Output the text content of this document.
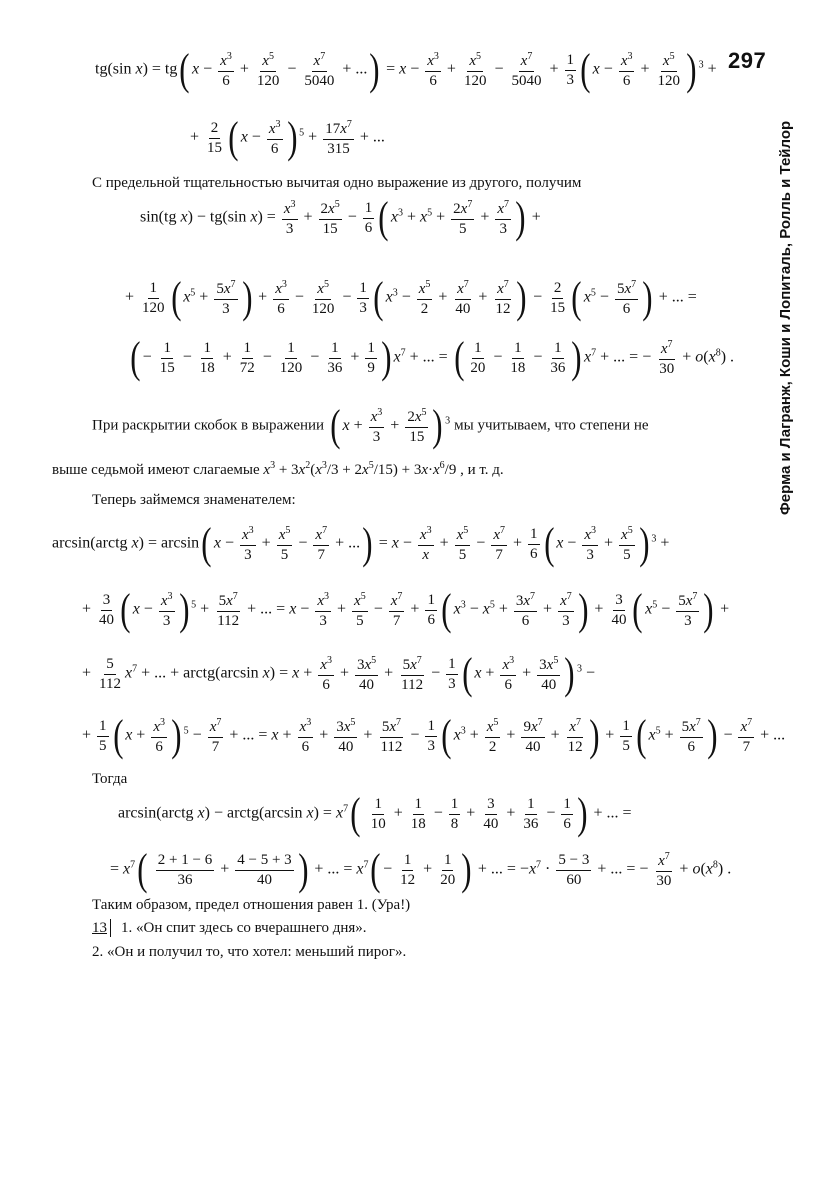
297
Ферма и Лагранж, Коши и Лопиталь, Ролль и Тейлор
tg(sin x) = tg( $x - \frac{x^3}{6} + \frac{x^5}{120} - \frac{x^7}{5040}$ + ...) = $x - \frac{x^3}{6} + \frac{x^5}{120} - \frac{x^7}{5040} + \frac{1}{3}$ ( $x - \frac{x^3}{6} + \frac{x^5}{120}$ ) $^3$ +
+ $\frac{2}{15}$ ( $x - \frac{x^3}{6}$ ) $^5 + \frac{17x^7}{315}$ + ...
С предельной тщательностью вычитая одно выражение из другого, получим
sin(tg x) − tg(sin $x) = \frac{x^3}{3} + \frac{2x^5}{15} - \frac{1}{6}$ ( $x^3 + x^5 + \frac{2x^7}{5} + \frac{x^7}{3}$ ) +
+ $\frac{1}{120}$ ( $x^5 + \frac{5x^7}{3}$ ) + $\frac{x^3}{6} - \frac{x^5}{120} - \frac{1}{3}$ ( $x^3 - \frac{x^5}{2} + \frac{x^7}{40} + \frac{x^7}{12}$ ) − $\frac{2}{15}$ ( $x^5 - \frac{5x^7}{6}$ ) + ... =
( − $\frac{1}{15} - \frac{1}{18} + \frac{1}{72} - \frac{1}{120} - \frac{1}{36} + \frac{1}{9}$ ) $x^7$ + ... = ( $\frac{1}{20} - \frac{1}{18} - \frac{1}{36}$ ) $x^7$ + ... = − $\frac{x^7}{30} + o(x^8)$ .
При раскрытии скобок в выражении ( $x + \frac{x^3}{3} + \frac{2x^5}{15}$ ) $^3$ мы учитываем, что степени не
выше седьмой имеют слагаемые $x^3 + 3x^2(x^3/3 + 2x^5/15) + 3x\cdot x^6/9$ , и т. д.
Теперь займемся знаменателем:
arcsin(arctg x) = arcsin( $x - \frac{x^3}{3} + \frac{x^5}{5} - \frac{x^7}{7}$ + ...) = $x - \frac{x^3}{x} + \frac{x^5}{5} - \frac{x^7}{7} + \frac{1}{6}$ ( $x - \frac{x^3}{3} + \frac{x^5}{5}$ ) $^3$ +
+ $\frac{3}{40}$ ( $x - \frac{x^3}{3}$ ) $^5 + \frac{5x^7}{112}$ + ... = $x - \frac{x^3}{3} + \frac{x^5}{5} - \frac{x^7}{7} + \frac{1}{6}$ ( $x^3 - x^5 + \frac{3x^7}{6} + \frac{x^7}{3}$ ) + $\frac{3}{40}$ ( $x^5 - \frac{5x^7}{3}$ ) +
+ $\frac{5}{112} x^7$ + ... + arctg(arcsin $x) = x + \frac{x^3}{6} + \frac{3x^5}{40} + \frac{5x^7}{112} - \frac{1}{3}$ ( $x + \frac{x^3}{6} + \frac{3x^5}{40}$ ) $^3$ −
+ $\frac{1}{5}$ ( $x + \frac{x^3}{6}$ ) $^5 - \frac{x^7}{7}$ + ... = $x + \frac{x^3}{6} + \frac{3x^5}{40} + \frac{5x^7}{112} - \frac{1}{3}$ ( $x^3 + \frac{x^5}{2} + \frac{9x^7}{40} + \frac{x^7}{12}$ ) + $\frac{1}{5}$ ( $x^5 + \frac{5x^7}{6}$ ) − $\frac{x^7}{7}$ + ...
Тогда
arcsin(arctg x) − arctg(arcsin $x) = x^7( \frac{1}{10} + \frac{1}{18} - \frac{1}{8} + \frac{3}{40} + \frac{1}{36} - \frac{1}{6}$ ) + ... =
= $x^7( \frac{2 + 1 - 6}{36} + \frac{4 - 5 + 3}{40}$ ) + ... = $x^7( - \frac{1}{12} + \frac{1}{20}$ ) + ... = $-x^7 \cdot \frac{5 - 3}{60}$ + ... = − $\frac{x^7}{30} + o(x^8)$ .
Таким образом, предел отношения равен 1. (Ура!)
13 1. «Он спит здесь со вчерашнего дня».
2. «Он и получил то, что хотел: меньший пирог».
